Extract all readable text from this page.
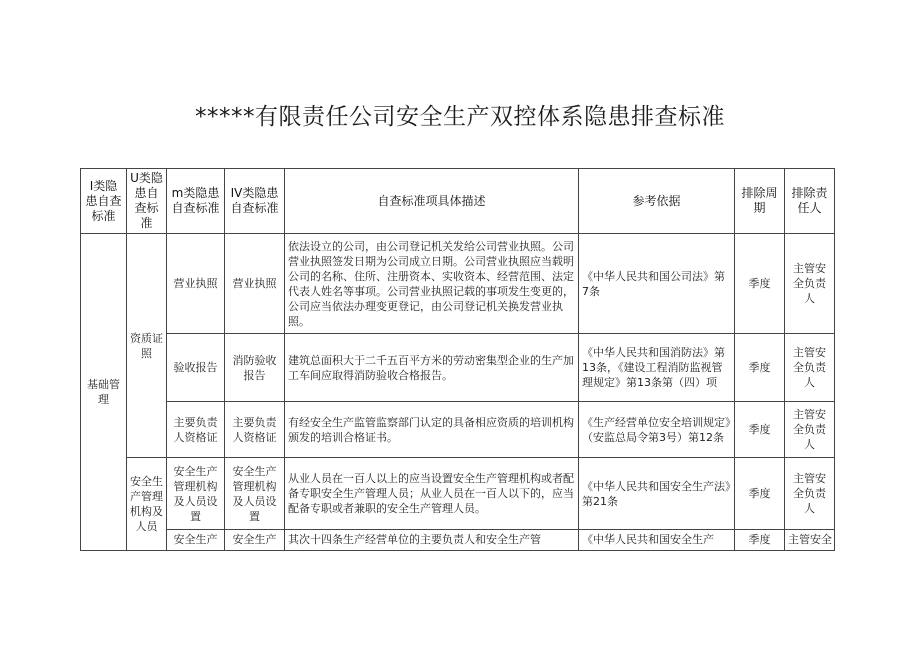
*****有限责任公司安全生产双控体系隐患排查标准
I类隐患自查标准	U类隐患自查标准	m类隐患自查标准	IV类隐患自查标准	自查标准项具体描述	参考依据	排除周期	排除责任人
基础管理	资质证照	营业执照	营业执照	依法设立的公司，由公司登记机关发给公司营业执照。公司营业执照签发日期为公司成立日期。公司营业执照应当载明公司的名称、住所、注册资本、实收资本、经营范围、法定代表人姓名等事项。公司营业执照记载的事项发生变更的，公司应当依法办理变更登记，由公司登记机关换发营业执照。	《中华人民共和国公司法》第7条	季度	主管安全负责人
		验收报告	消防验收报告	建筑总面积大于二千五百平方米的劳动密集型企业的生产加工车间应取得消防验收合格报告。	《中华人民共和国消防法》第13条，《建设工程消防监视管理规定》第13条第（四）项	季度	主管安全负责人
		主要负责人资格证	主要负责人资格证	有经安全生产监管监察部门认定的具备相应资质的培训机构颁发的培训合格证书。	《生产经营单位安全培训规定》（安监总局令第3号）第12条	季度	主管安全负责人
	安全生产管理机构及人员	安全生产管理机构及人员设置	安全生产管理机构及人员设置	从业人员在一百人以上的应当设置安全生产管理机构或者配备专职安全生产管理人员；从业人员在一百人以下的，应当配备专职或者兼职的安全生产管理人员。	《中华人民共和国安全生产法》第21条	季度	主管安全负责人
		安全生产	安全生产	其次十四条生产经营单位的主要负责人和安全生产管	《中华人民共和国安全生产	季度	主管安全
